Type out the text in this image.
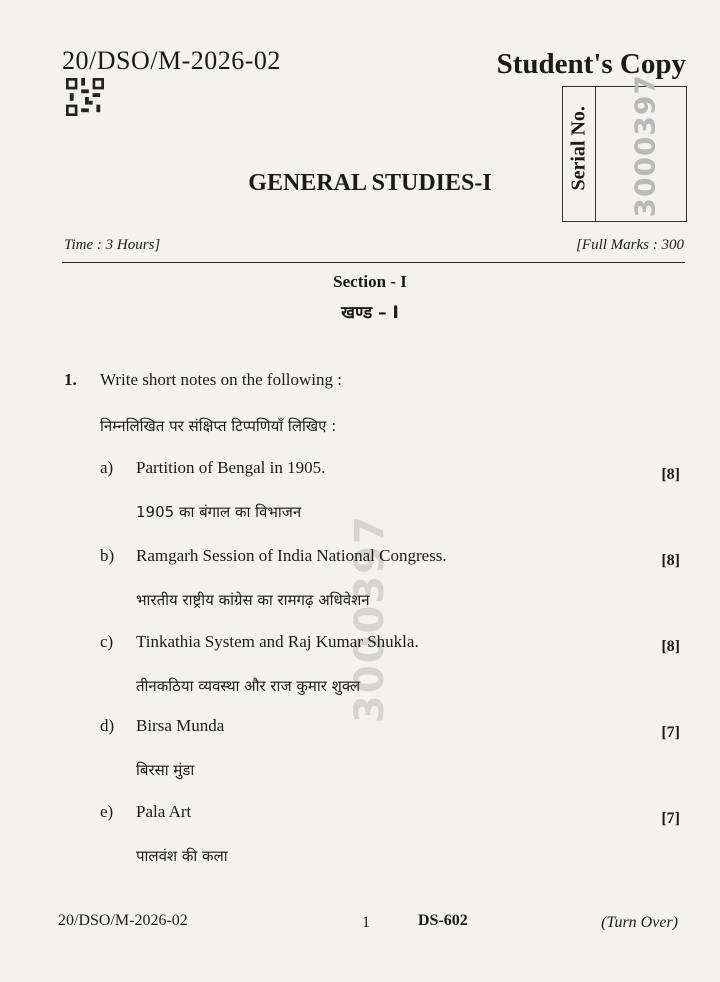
20/DSO/M-2026-02	Student's Copy
Serial No. 3000397
GENERAL STUDIES-I
Time : 3 Hours]	[Full Marks : 300
Section - I
खण्ड – I
3000397
1. Write short notes on the following :
निम्नलिखित पर संक्षिप्त टिप्पणियाँ लिखिए :
a) Partition of Bengal in 1905.	[8]
1905 का बंगाल का विभाजन
b) Ramgarh Session of India National Congress.	[8]
भारतीय राष्ट्रीय कांग्रेस का रामगढ़ अधिवेशन
c) Tinkathia System and Raj Kumar Shukla.	[8]
तीनकठिया व्यवस्था और राज कुमार शुक्ल
d) Birsa Munda	[7]
बिरसा मुंडा
e) Pala Art	[7]
पालवंश की कला
20/DSO/M-2026-02	1	DS-602	(Turn Over)
